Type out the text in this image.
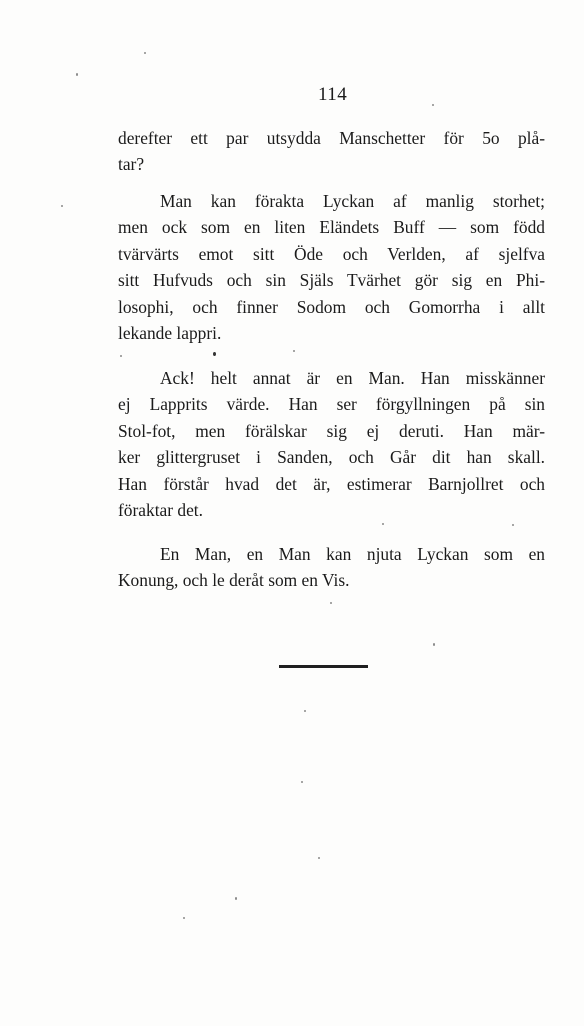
114
derefter ett par utsydda Manschetter för 5o plå-
tar?
Man kan förakta Lyckan af manlig storhet;
men ock som en liten Eländets Buff — som född
tvärvärts emot sitt Öde och Verlden, af sjelfva
sitt Hufvuds och sin Själs Tvärhet gör sig en Phi-
losophi, och finner Sodom och Gomorrha i allt
lekande lappri.
Ack! helt annat är en Man. Han misskänner
ej Lapprits värde. Han ser förgyllningen på sin
Stol-fot, men förälskar sig ej deruti. Han mär-
ker glittergruset i Sanden, och Går dit han skall.
Han förstår hvad det är, estimerar Barnjollret och
föraktar det.
En Man, en Man kan njuta Lyckan som en
Konung, och le deråt som en Vis.
